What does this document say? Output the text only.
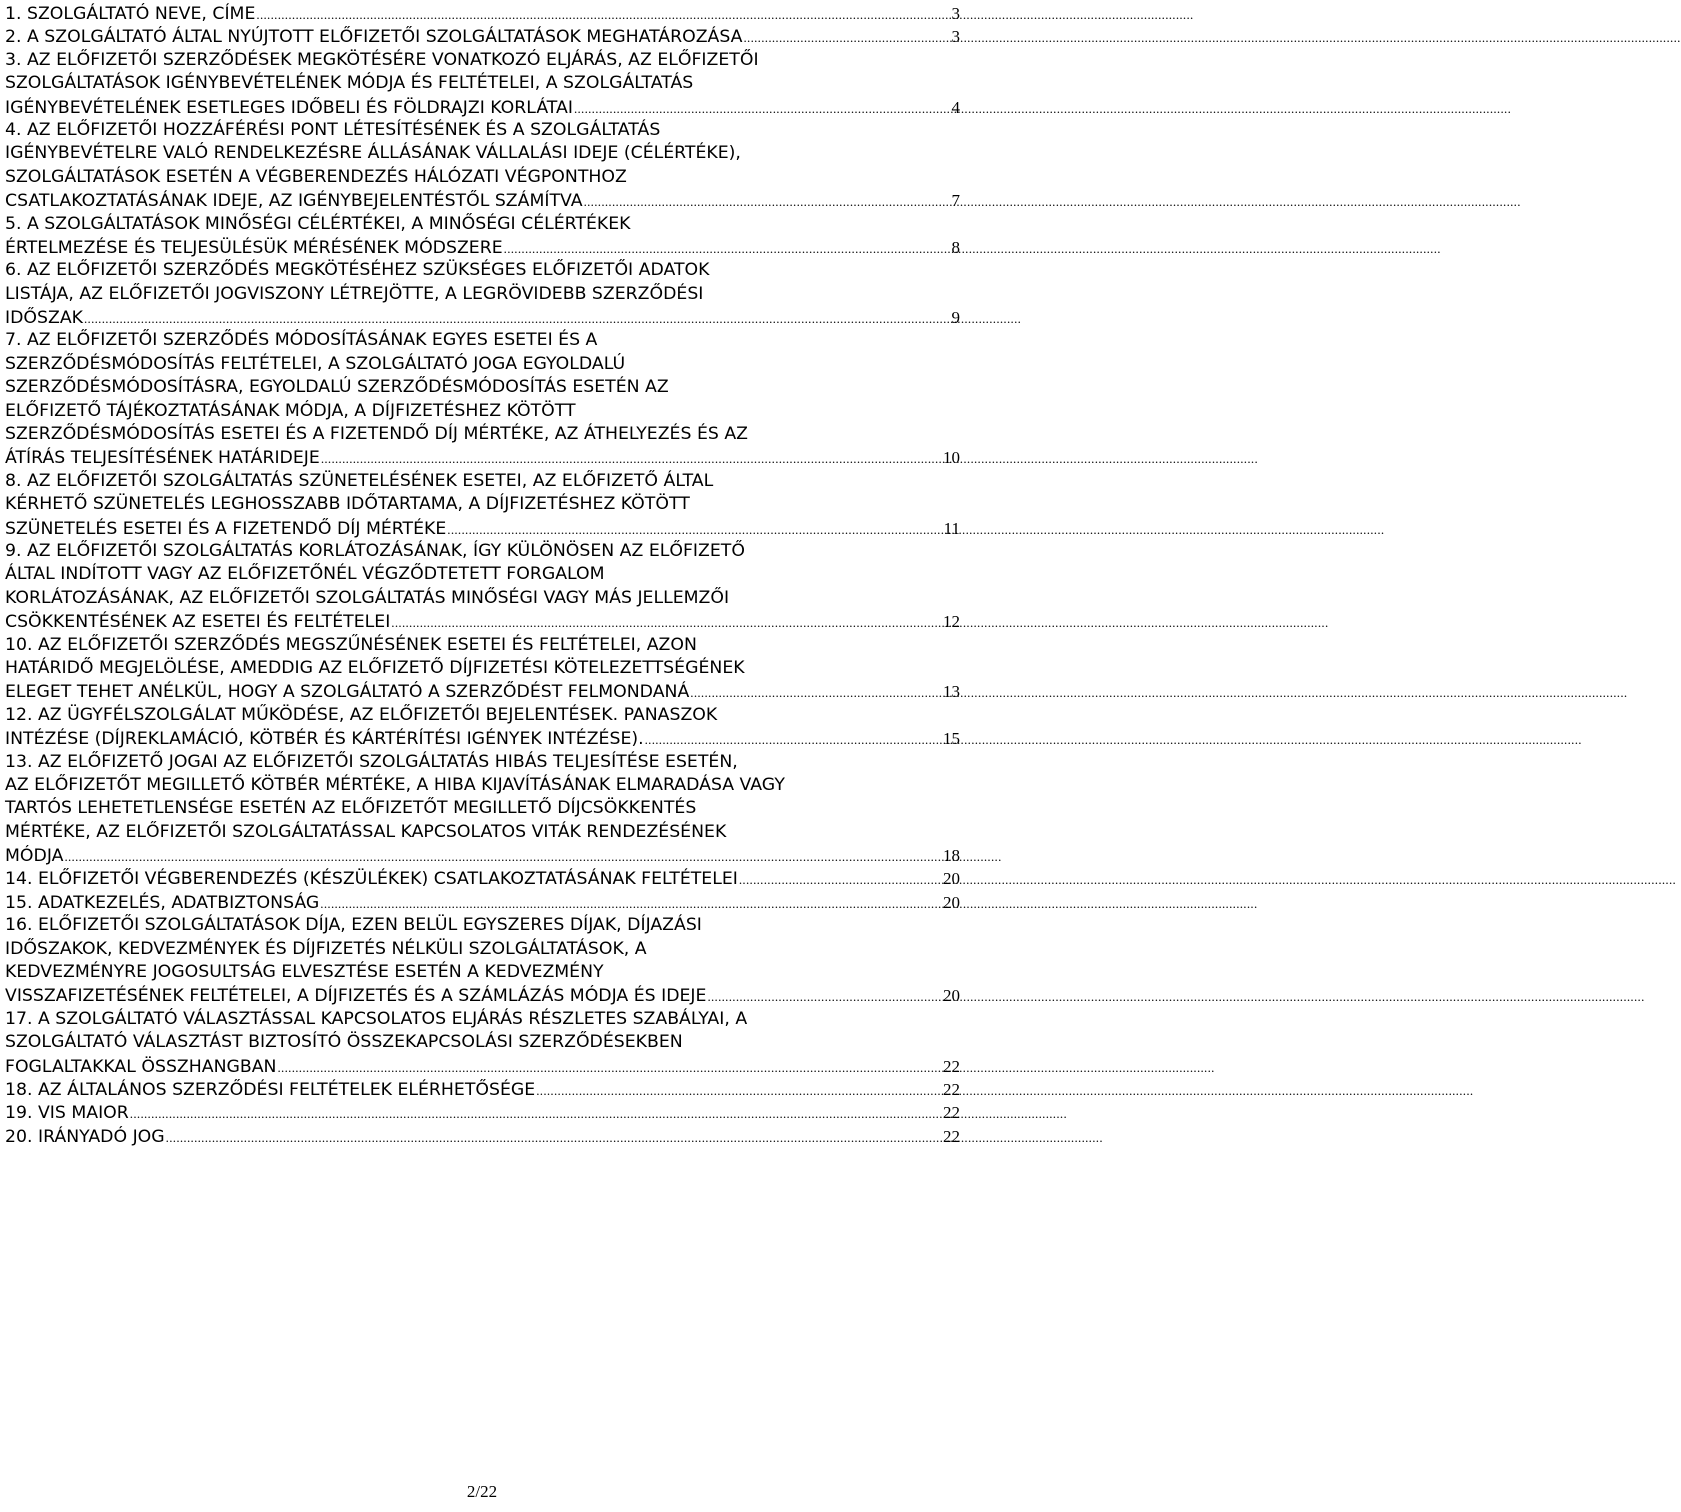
1. SZOLGÁLTATÓ NEVE, CÍME .....	3
2. A SZOLGÁLTATÓ ÁLTAL NYÚJTOTT ELŐFIZETŐI SZOLGÁLTATÁSOK MEGHATÁROZÁSA .....	3
3. AZ ELŐFIZETŐI SZERZŐDÉSEK MEGKÖTÉSÉRE VONATKOZÓ ELJÁRÁS, AZ ELŐFIZETŐI
SZOLGÁLTATÁSOK IGÉNYBEVÉTELÉNEK MÓDJA ÉS FELTÉTELEI, A SZOLGÁLTATÁS
IGÉNYBEVÉTELÉNEK ESETLEGES IDŐBELI ÉS FÖLDRAJZI KORLÁTAI .....	4
4. AZ ELŐFIZETŐI HOZZÁFÉRÉSI PONT LÉTESÍTÉSÉNEK ÉS A SZOLGÁLTATÁS
IGÉNYBEVÉTELRE VALÓ RENDELKEZÉSRE ÁLLÁSÁNAK VÁLLALÁSI IDEJE (CÉLÉRTÉKE),
SZOLGÁLTATÁSOK ESETÉN A VÉGBERENDEZÉS HÁLÓZATI VÉGPONTHOZ
CSATLAKOZTATÁSÁNAK IDEJE, AZ IGÉNYBEJELENTÉSTŐL SZÁMÍTVA .....	7
5. A SZOLGÁLTATÁSOK MINŐSÉGI CÉLÉRTÉKEI, A MINŐSÉGI CÉLÉRTÉKEK
ÉRTELMEZÉSE ÉS TELJESÜLÉSÜK MÉRÉSÉNEK MÓDSZERE .....	8
6. AZ ELŐFIZETŐI SZERZŐDÉS MEGKÖTÉSÉHEZ SZÜKSÉGES ELŐFIZETŐI ADATOK
LISTÁJA, AZ ELŐFIZETŐI JOGVISZONY LÉTREJÖTTE, A LEGRÖVIDEBB SZERZŐDÉSI
IDŐSZAK .....	9
7. AZ ELŐFIZETŐI SZERZŐDÉS MÓDOSÍTÁSÁNAK EGYES ESETEI ÉS A
SZERZŐDÉSMÓDOSÍTÁS FELTÉTELEI, A SZOLGÁLTATÓ JOGA EGYOLDALÚ
SZERZŐDÉSMÓDOSÍTÁSRA, EGYOLDALÚ SZERZŐDÉSMÓDOSÍTÁS ESETÉN AZ
ELŐFIZETŐ TÁJÉKOZTATÁSÁNAK MÓDJA, A DÍJFIZETÉSHEZ KÖTÖTT
SZERZŐDÉSMÓDOSÍTÁS ESETEI ÉS A FIZETENDŐ DÍJ MÉRTÉKE, AZ ÁTHELYEZÉS ÉS AZ
ÁTÍRÁS TELJESÍTÉSÉNEK HATÁRIDEJE .....	10
8. AZ ELŐFIZETŐI SZOLGÁLTATÁS SZÜNETELÉSÉNEK ESETEI, AZ ELŐFIZETŐ ÁLTAL
KÉRHETŐ SZÜNETELÉS LEGHOSSZABB IDŐTARTAMA, A DÍJFIZETÉSHEZ KÖTÖTT
SZÜNETELÉS ESETEI ÉS A FIZETENDŐ DÍJ MÉRTÉKE .....	11
9. AZ ELŐFIZETŐI SZOLGÁLTATÁS KORLÁTOZÁSÁNAK, ÍGY KÜLÖNÖSEN AZ ELŐFIZETŐ
ÁLTAL INDÍTOTT VAGY AZ ELŐFIZETŐNÉL VÉGZŐDTETETT FORGALOM
KORLÁTOZÁSÁNAK, AZ ELŐFIZETŐI SZOLGÁLTATÁS MINŐSÉGI VAGY MÁS JELLEMZŐI
CSÖKKENTÉSÉNEK AZ ESETEI ÉS FELTÉTELEI .....	12
10. AZ ELŐFIZETŐI SZERZŐDÉS MEGSZŰNÉSÉNEK ESETEI ÉS FELTÉTELEI, AZON
HATÁRIDŐ MEGJELÖLÉSE, AMEDDIG AZ ELŐFIZETŐ DÍJFIZETÉSI KÖTELEZETTSÉGÉNEK
ELEGET TEHET ANÉLKÜL, HOGY A SZOLGÁLTATÓ A SZERZŐDÉST FELMONDANÁ .....	13
12. AZ ÜGYFÉLSZOLGÁLAT MŰKÖDÉSE, AZ ELŐFIZETŐI BEJELENTÉSEK. PANASZOK
INTÉZÉSE (DÍJREKLAMÁCIÓ, KÖTBÉR ÉS KÁRTÉRÍTÉSI IGÉNYEK INTÉZÉSE). .....	15
13. AZ ELŐFIZETŐ JOGAI AZ ELŐFIZETŐI SZOLGÁLTATÁS HIBÁS TELJESÍTÉSE ESETÉN,
AZ ELŐFIZETŐT MEGILLETŐ KÖTBÉR MÉRTÉKE, A HIBA KIJAVÍTÁSÁNAK ELMARADÁSA VAGY
TARTÓS LEHETETLENSÉGE ESETÉN AZ ELŐFIZETŐT MEGILLETŐ DÍJCSÖKKENTÉS
MÉRTÉKE, AZ ELŐFIZETŐI SZOLGÁLTATÁSSAL KAPCSOLATOS VITÁK RENDEZÉSÉNEK
MÓDJA .....	18
14. ELŐFIZETŐI VÉGBERENDEZÉS (KÉSZÜLÉKEK) CSATLAKOZTATÁSÁNAK FELTÉTELEI .....	20
15. ADATKEZELÉS, ADATBIZTONSÁG .....	20
16. ELŐFIZETŐI SZOLGÁLTATÁSOK DÍJA, EZEN BELÜL EGYSZERES DÍJAK, DÍJAZÁSI
IDŐSZAKOK, KEDVEZMÉNYEK ÉS DÍJFIZETÉS NÉLKÜLI SZOLGÁLTATÁSOK, A
KEDVEZMÉNYRE JOGOSULTSÁG ELVESZTÉSE ESETÉN A KEDVEZMÉNY
VISSZAFIZETÉSÉNEK FELTÉTELEI, A DÍJFIZETÉS ÉS A SZÁMLÁZÁS MÓDJA ÉS IDEJE .....	20
17. A SZOLGÁLTATÓ VÁLASZTÁSSAL KAPCSOLATOS ELJÁRÁS RÉSZLETES SZABÁLYAI, A
SZOLGÁLTATÓ VÁLASZTÁST BIZTOSÍTÓ ÖSSZEKAPCSOLÁSI SZERZŐDÉSEKBEN
FOGLALTAKKAL ÖSSZHANGBAN .....	22
18. AZ ÁLTALÁNOS SZERZŐDÉSI FELTÉTELEK ELÉRHETŐSÉGE .....	22
19. VIS MAIOR .....	22
20. IRÁNYADÓ JOG .....	22
2/22
